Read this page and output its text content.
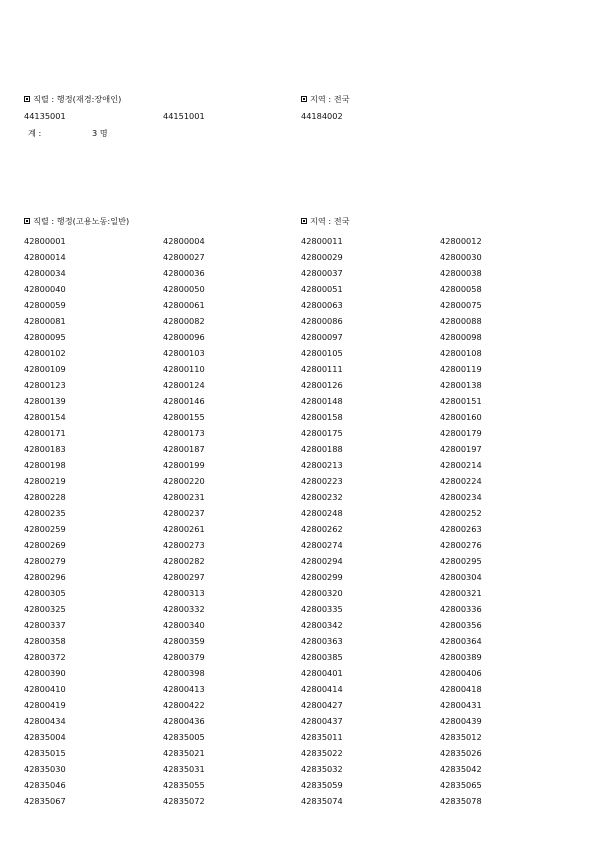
직렬 : 행정(재경:장애인)	지역 : 전국
44135001	44151001	44184002
계 :	3 명
직렬 : 행정(고용노동:일반)	지역 : 전국
42800001	42800004	42800011	42800012
42800014	42800027	42800029	42800030
42800034	42800036	42800037	42800038
42800040	42800050	42800051	42800058
42800059	42800061	42800063	42800075
42800081	42800082	42800086	42800088
42800095	42800096	42800097	42800098
42800102	42800103	42800105	42800108
42800109	42800110	42800111	42800119
42800123	42800124	42800126	42800138
42800139	42800146	42800148	42800151
42800154	42800155	42800158	42800160
42800171	42800173	42800175	42800179
42800183	42800187	42800188	42800197
42800198	42800199	42800213	42800214
42800219	42800220	42800223	42800224
42800228	42800231	42800232	42800234
42800235	42800237	42800248	42800252
42800259	42800261	42800262	42800263
42800269	42800273	42800274	42800276
42800279	42800282	42800294	42800295
42800296	42800297	42800299	42800304
42800305	42800313	42800320	42800321
42800325	42800332	42800335	42800336
42800337	42800340	42800342	42800356
42800358	42800359	42800363	42800364
42800372	42800379	42800385	42800389
42800390	42800398	42800401	42800406
42800410	42800413	42800414	42800418
42800419	42800422	42800427	42800431
42800434	42800436	42800437	42800439
42835004	42835005	42835011	42835012
42835015	42835021	42835022	42835026
42835030	42835031	42835032	42835042
42835046	42835055	42835059	42835065
42835067	42835072	42835074	42835078
